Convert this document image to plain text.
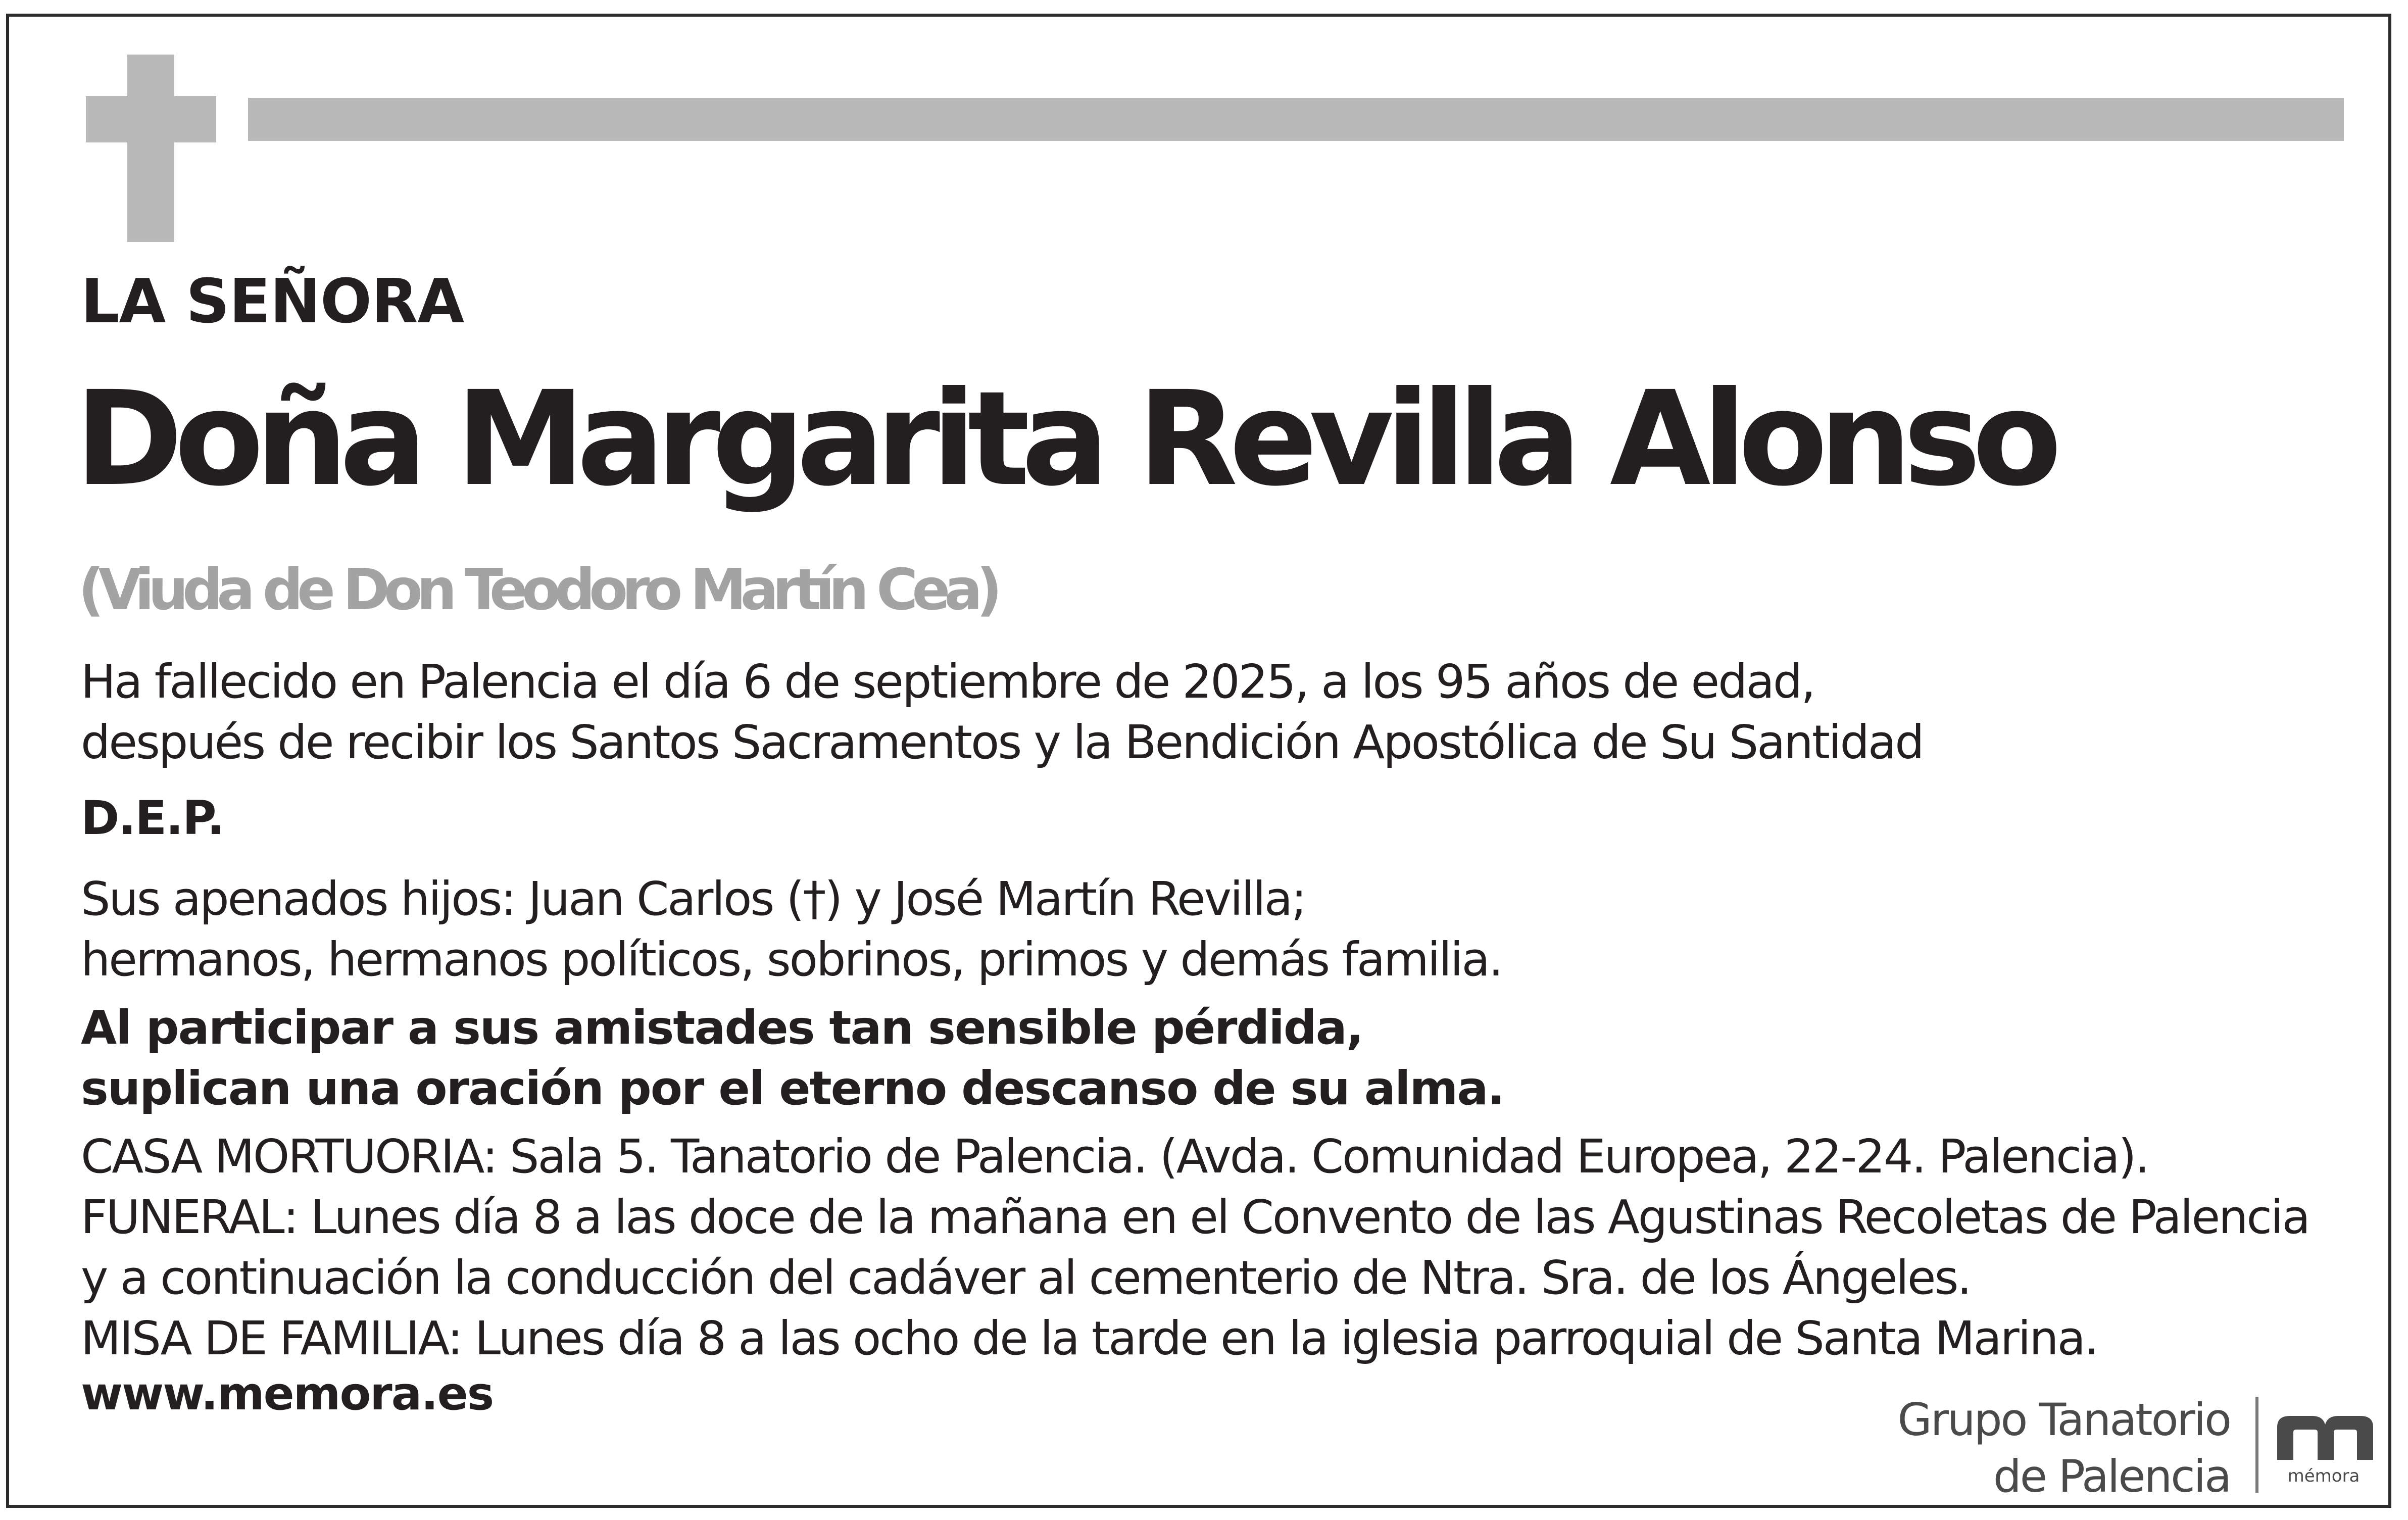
LA SEÑORA
Doña Margarita Revilla Alonso
(Viuda de Don Teodoro Martín Cea)
Ha fallecido en Palencia el día 6 de septiembre de 2025, a los 95 años de edad,
después de recibir los Santos Sacramentos y la Bendición Apostólica de Su Santidad
D.E.P.
Sus apenados hijos: Juan Carlos (†) y José Martín Revilla;
hermanos, hermanos políticos, sobrinos, primos y demás familia.
Al participar a sus amistades tan sensible pérdida,
suplican una oración por el eterno descanso de su alma.
CASA MORTUORIA: Sala 5. Tanatorio de Palencia. (Avda. Comunidad Europea, 22-24. Palencia).
FUNERAL: Lunes día 8 a las doce de la mañana en el Convento de las Agustinas Recoletas de Palencia
y a continuación la conducción del cadáver al cementerio de Ntra. Sra. de los Ángeles.
MISA DE FAMILIA: Lunes día 8 a las ocho de la tarde en la iglesia parroquial de Santa Marina.
www.memora.es	Grupo Tanatorio
de Palencia	mémora
